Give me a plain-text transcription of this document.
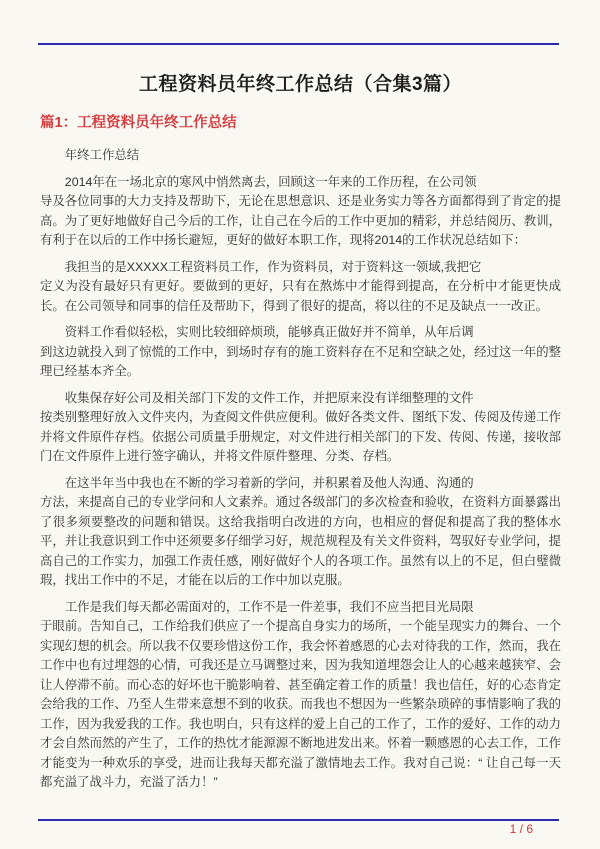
工程资料员年终工作总结（合集3篇）
篇1：工程资料员年终工作总结

年终工作总结

2014年在一场北京的寒风中悄然离去，回顾这一年来的工作历程，在公司领
导及各位同事的大力支持及帮助下，无论在思想意识、还是业务实力等各方面都得到了肯定的提高。为了更好地做好自己今后的工作，让自己在今后的工作中更加的精彩，并总结阅历、教训，有利于在以后的工作中扬长避短，更好的做好本职工作，现将2014的工作状况总结如下：

我担当的是XXXXX工程资料员工作，作为资料员，对于资料这一领域,我把它
定义为没有最好只有更好。要做到的更好，只有在熬炼中才能得到提高，在分析中才能更快成长。在公司领导和同事的信任及帮助下，得到了很好的提高，将以往的不足及缺点一一改正。

资料工作看似轻松，实则比较细碎烦琐，能够真正做好并不简单，从年后调
到这边就投入到了惊慌的工作中，到场时存有的施工资料存在不足和空缺之处，经过这一年的整理已经基本齐全。

收集保存好公司及相关部门下发的文件工作，并把原来没有详细整理的文件
按类别整理好放入文件夹内，为查阅文件供应便利。做好各类文件、图纸下发、传阅及传递工作并将文件原件存档。依据公司质量手册规定，对文件进行相关部门的下发、传阅、传递，接收部门在文件原件上进行签字确认，并将文件原件整理、分类、存档。

在这半年当中我也在不断的学习着新的学问，并积累着及他人沟通、沟通的
方法，来提高自己的专业学问和人文素养。通过各级部门的多次检查和验收，在资料方面暴露出了很多须要整改的问题和错误。这给我指明白改进的方向，也相应的督促和提高了我的整体水平，并让我意识到工作中还须要多仔细学习好，规范规程及有关文件资料，驾驭好专业学问，提高自己的工作实力，加强工作责任感，刚好做好个人的各项工作。虽然有以上的不足，但白璧微瑕，找出工作中的不足，才能在以后的工作中加以克服。

工作是我们每天都必需面对的，工作不是一件差事，我们不应当把目光局限
于眼前。告知自己，工作给我们供应了一个提高自身实力的场所，一个能呈现实力的舞台、一个实现幻想的机会。所以我不仅要珍惜这份工作，我会怀着感恩的心去对待我的工作，然而，我在工作中也有过埋怨的心情，可我还是立马调整过来，因为我知道埋怨会让人的心越来越狭窄、会让人停滞不前。而心态的好坏也干脆影响着、甚至确定着工作的质量！我也信任，好的心态肯定会给我的工作、乃至人生带来意想不到的收获。而我也不想因为一些繁杂琐碎的事情影响了我的工作，因为我爱我的工作。我也明白，只有这样的爱上自己的工作了，工作的爱好、工作的动力才会自然而然的产生了，工作的热忱才能源源不断地进发出来。怀着一颗感恩的心去工作，工作才能变为一种欢乐的享受，进而让我每天都充溢了激情地去工作。我对自己说：“ 让自己每一天都充溢了战斗力，充溢了活力！”

1 / 6
